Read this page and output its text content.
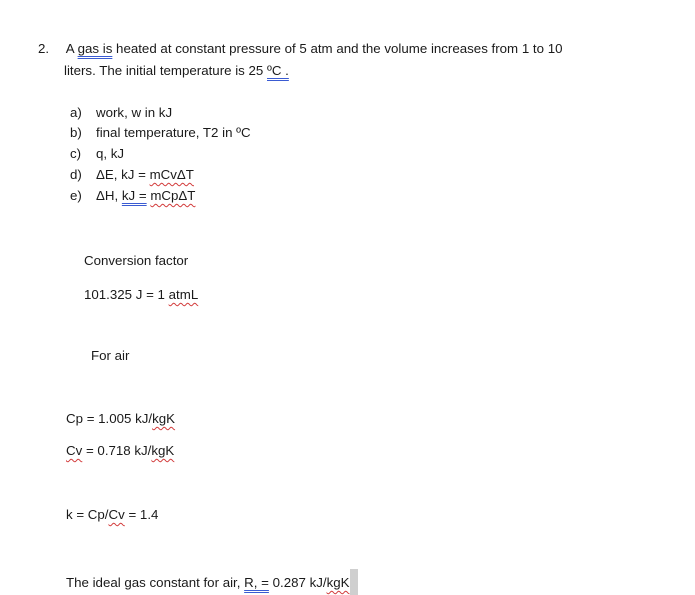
2. A gas is heated at constant pressure of 5 atm and the volume increases from 1 to 10
liters. The initial temperature is 25 ºC .
a) work, w in kJ
b) final temperature, T2 in ºC
c) q, kJ
d) ΔE, kJ = mCvΔT
e) ΔH, kJ = mCpΔT
Conversion factor
101.325 J = 1 atmL
For air
Cp = 1.005 kJ/kgK
Cv = 0.718 kJ/kgK
k = Cp/Cv = 1.4
The ideal gas constant for air, R, = 0.287 kJ/kgK
